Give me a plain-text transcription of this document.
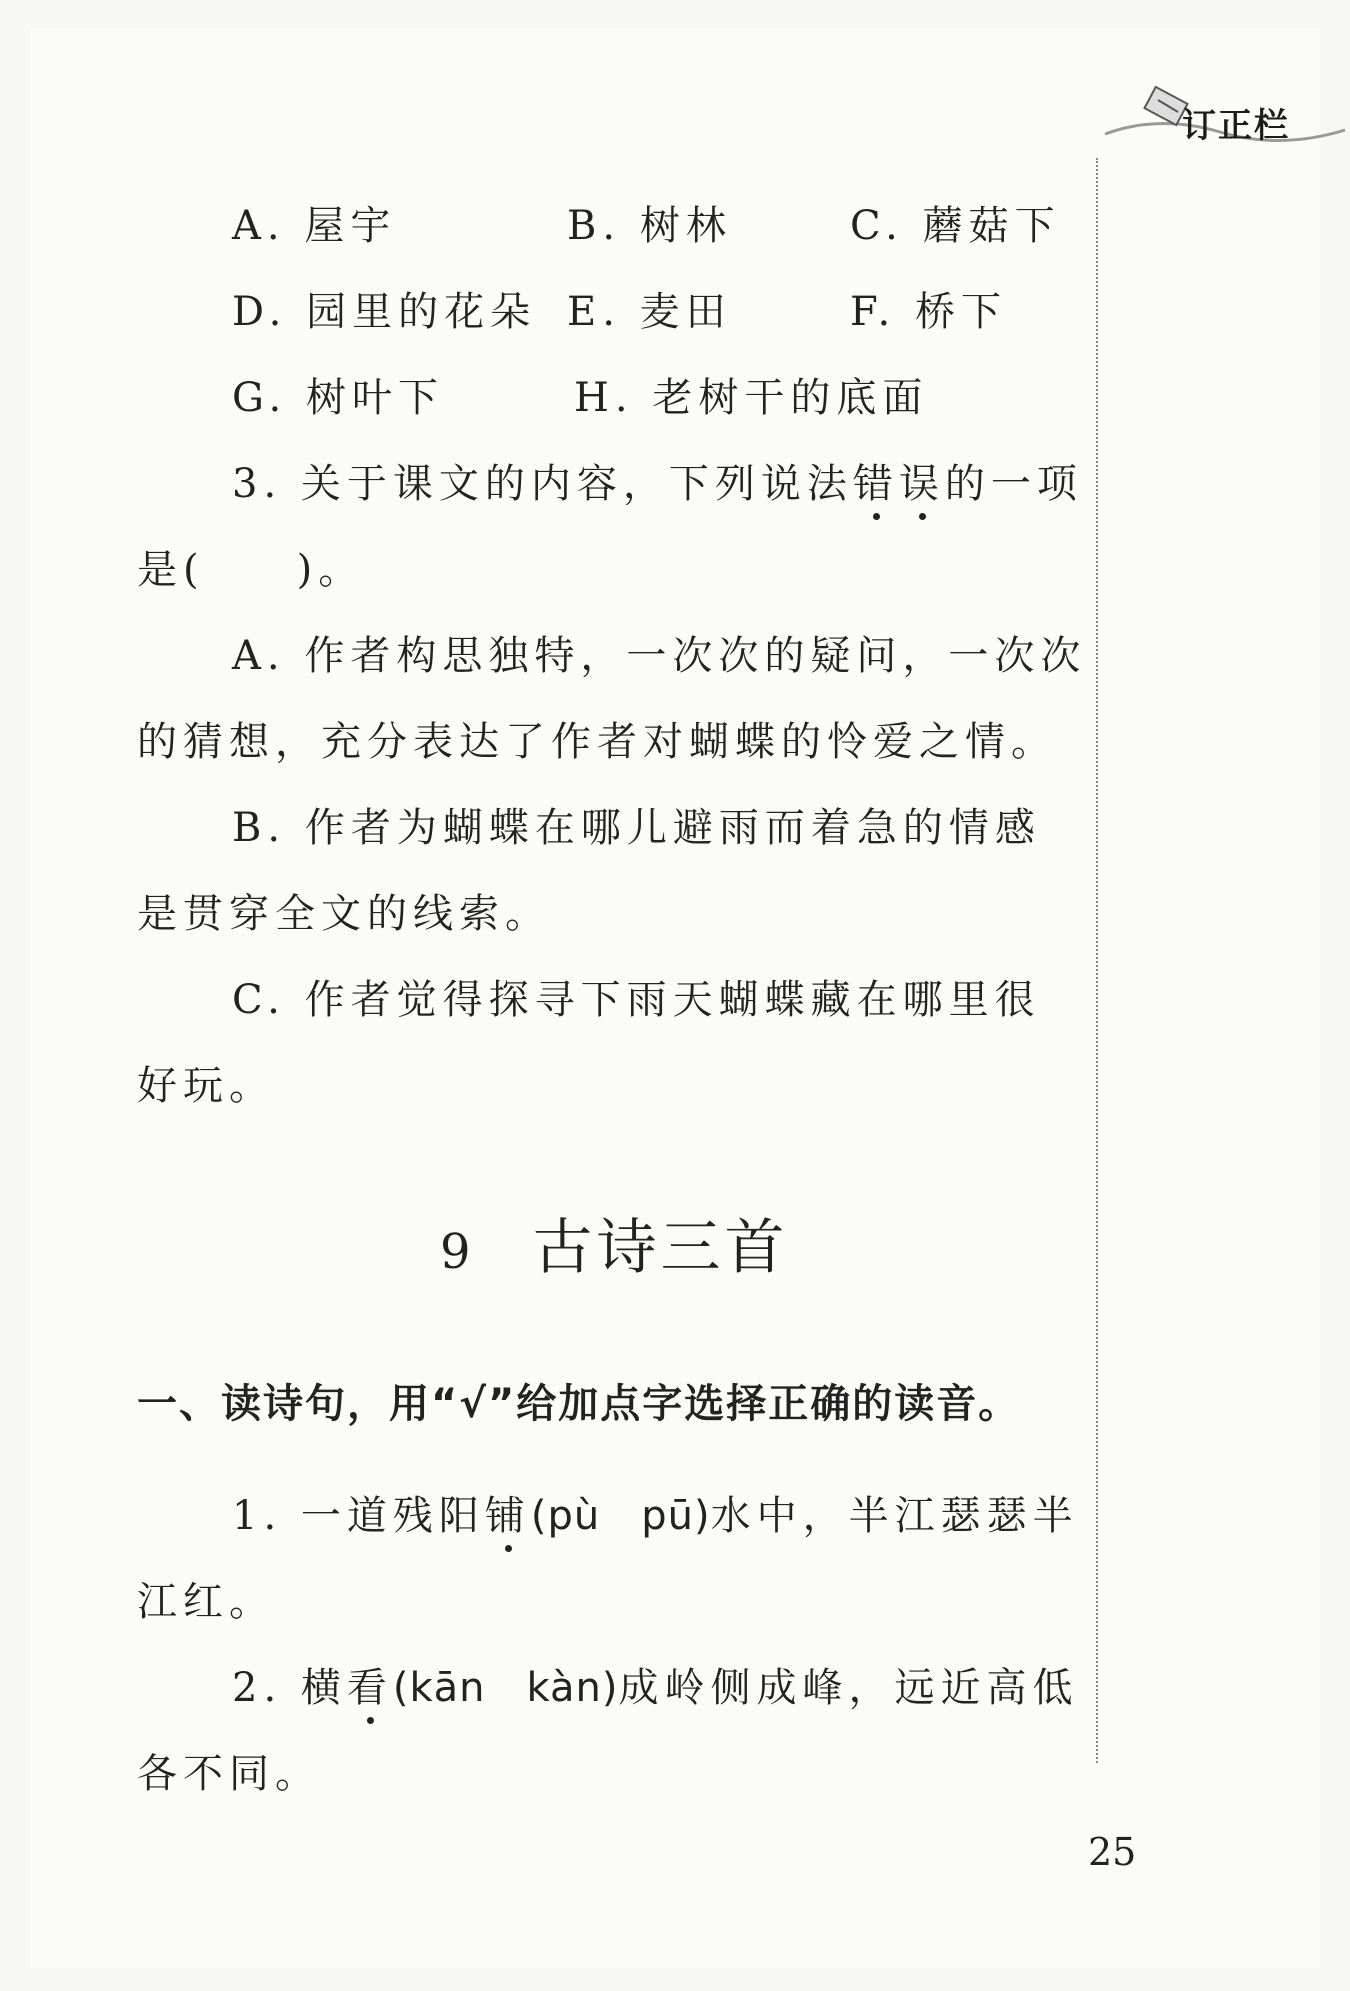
订正栏
A. 屋宇	B. 树林	C. 蘑菇下
D. 园里的花朵 E. 麦田	F. 桥下
G. 树叶下	H. 老树干的底面
3. 关于课文的内容，下列说法错误的一项
是(　　)。
A. 作者构思独特，一次次的疑问，一次次
的猜想，充分表达了作者对蝴蝶的怜爱之情。
B. 作者为蝴蝶在哪儿避雨而着急的情感
是贯穿全文的线索。
C. 作者觉得探寻下雨天蝴蝶藏在哪里很
好玩。
9 古诗三首
一、读诗句，用“√”给加点字选择正确的读音。
1. 一道残阳铺(pù　pū)水中，半江瑟瑟半
江红。
2. 横看(kān　kàn)成岭侧成峰，远近高低
各不同。
25
